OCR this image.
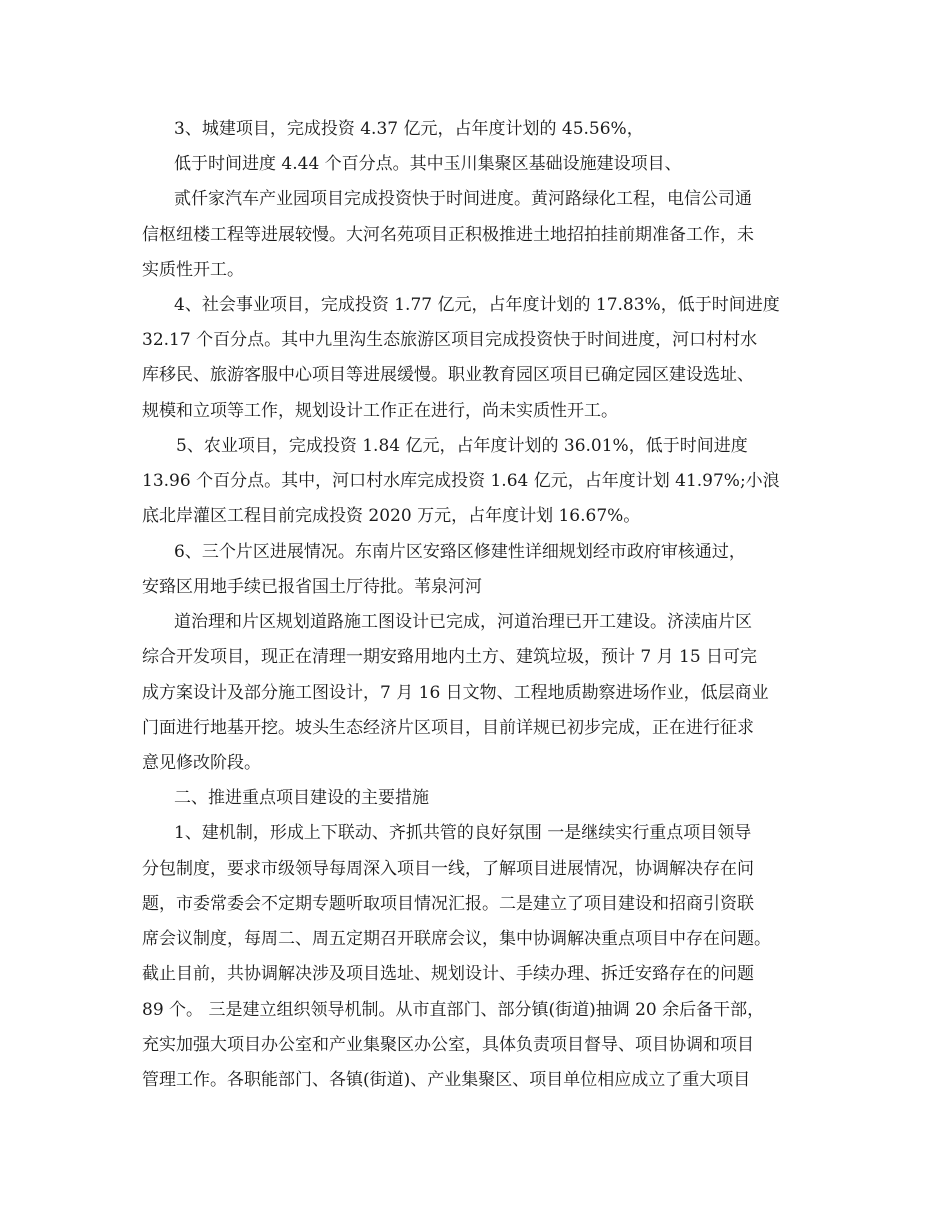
3、城建项目，完成投资 4.37 亿元，占年度计划的 45.56%，
低于时间进度 4.44 个百分点。其中玉川集聚区基础设施建设项目、
贰仟家汽车产业园项目完成投资快于时间进度。黄河路绿化工程，电信公司通
信枢纽楼工程等进展较慢。大河名苑项目正积极推进土地招拍挂前期准备工作，未
实质性开工。
4、社会事业项目，完成投资 1.77 亿元，占年度计划的 17.83%，低于时间进度
32.17 个百分点。其中九里沟生态旅游区项目完成投资快于时间进度，河口村村水
库移民、旅游客服中心项目等进展缓慢。职业教育园区项目已确定园区建设选址、
规模和立项等工作，规划设计工作正在进行，尚未实质性开工。
5、农业项目，完成投资 1.84 亿元，占年度计划的 36.01%，低于时间进度
13.96 个百分点。其中，河口村水库完成投资 1.64 亿元，占年度计划 41.97%;小浪
底北岸灌区工程目前完成投资 2020 万元，占年度计划 16.67%。
6、三个片区进展情况。东南片区安臵区修建性详细规划经市政府审核通过，
安臵区用地手续已报省国土厅待批。苇泉河河
道治理和片区规划道路施工图设计已完成，河道治理已开工建设。济渎庙片区
综合开发项目，现正在清理一期安臵用地内土方、建筑垃圾，预计 7 月 15 日可完
成方案设计及部分施工图设计，7 月 16 日文物、工程地质勘察进场作业，低层商业
门面进行地基开挖。坡头生态经济片区项目，目前详规已初步完成，正在进行征求
意见修改阶段。
二、推进重点项目建设的主要措施
1、建机制，形成上下联动、齐抓共管的良好氛围 一是继续实行重点项目领导
分包制度，要求市级领导每周深入项目一线，了解项目进展情况，协调解决存在问
题，市委常委会不定期专题听取项目情况汇报。二是建立了项目建设和招商引资联
席会议制度，每周二、周五定期召开联席会议，集中协调解决重点项目中存在问题。
截止目前，共协调解决涉及项目选址、规划设计、手续办理、拆迁安臵存在的问题
89 个。 三是建立组织领导机制。从市直部门、部分镇(街道)抽调 20 余后备干部，
充实加强大项目办公室和产业集聚区办公室，具体负责项目督导、项目协调和项目
管理工作。各职能部门、各镇(街道)、产业集聚区、项目单位相应成立了重大项目
